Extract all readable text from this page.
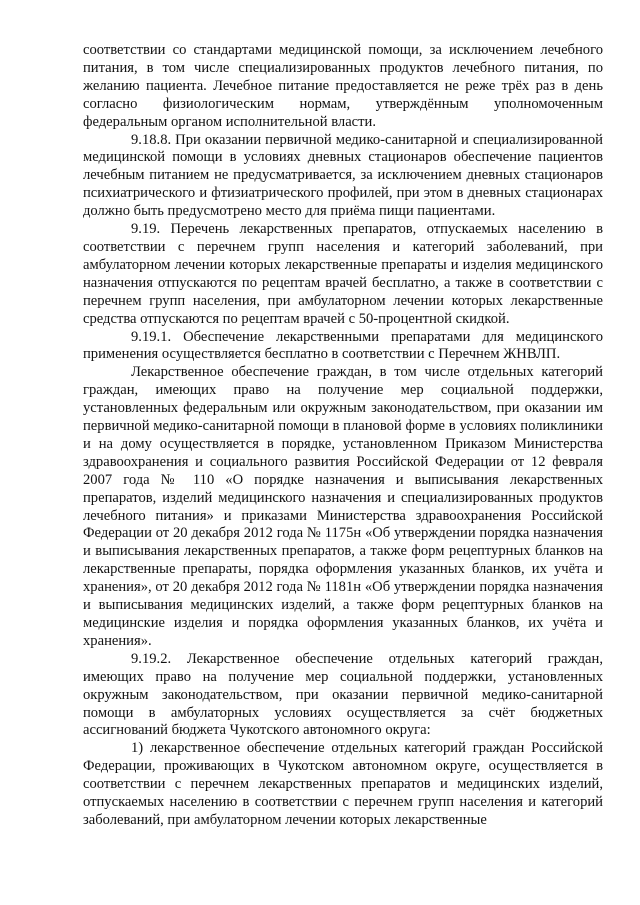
соответствии со стандартами медицинской помощи, за исключением лечебного питания, в том числе специализированных продуктов лечебного питания, по желанию пациента. Лечебное питание предоставляется не реже трёх раз в день согласно физиологическим нормам, утверждённым уполномоченным федеральным органом исполнительной власти.

9.18.8. При оказании первичной медико-санитарной и специализированной медицинской помощи в условиях дневных стационаров обеспечение пациентов лечебным питанием не предусматривается, за исключением дневных стационаров психиатрического и фтизиатрического профилей, при этом в дневных стационарах должно быть предусмотрено место для приёма пищи пациентами.

9.19. Перечень лекарственных препаратов, отпускаемых населению в соответствии с перечнем групп населения и категорий заболеваний, при амбулаторном лечении которых лекарственные препараты и изделия медицинского назначения отпускаются по рецептам врачей бесплатно, а также в соответствии с перечнем групп населения, при амбулаторном лечении которых лекарственные средства отпускаются по рецептам врачей с 50-процентной скидкой.

9.19.1. Обеспечение лекарственными препаратами для медицинского применения осуществляется бесплатно в соответствии с Перечнем ЖНВЛП.

Лекарственное обеспечение граждан, в том числе отдельных категорий граждан, имеющих право на получение мер социальной поддержки, установленных федеральным или окружным законодательством, при оказании им первичной медико-санитарной помощи в плановой форме в условиях поликлиники и на дому осуществляется в порядке, установленном Приказом Министерства здравоохранения и социального развития Российской Федерации от 12 февраля 2007 года № 110 «О порядке назначения и выписывания лекарственных препаратов, изделий медицинского назначения и специализированных продуктов лечебного питания» и приказами Министерства здравоохранения Российской Федерации от 20 декабря 2012 года № 1175н «Об утверждении порядка назначения и выписывания лекарственных препаратов, а также форм рецептурных бланков на лекарственные препараты, порядка оформления указанных бланков, их учёта и хранения», от 20 декабря 2012 года № 1181н «Об утверждении порядка назначения и выписывания медицинских изделий, а также форм рецептурных бланков на медицинские изделия и порядка оформления указанных бланков, их учёта и хранения».

9.19.2. Лекарственное обеспечение отдельных категорий граждан, имеющих право на получение мер социальной поддержки, установленных окружным законодательством, при оказании первичной медико-санитарной помощи в амбулаторных условиях осуществляется за счёт бюджетных ассигнований бюджета Чукотского автономного округа:

1) лекарственное обеспечение отдельных категорий граждан Российской Федерации, проживающих в Чукотском автономном округе, осуществляется в соответствии с перечнем лекарственных препаратов и медицинских изделий, отпускаемых населению в соответствии с перечнем групп населения и категорий заболеваний, при амбулаторном лечении которых лекарственные
